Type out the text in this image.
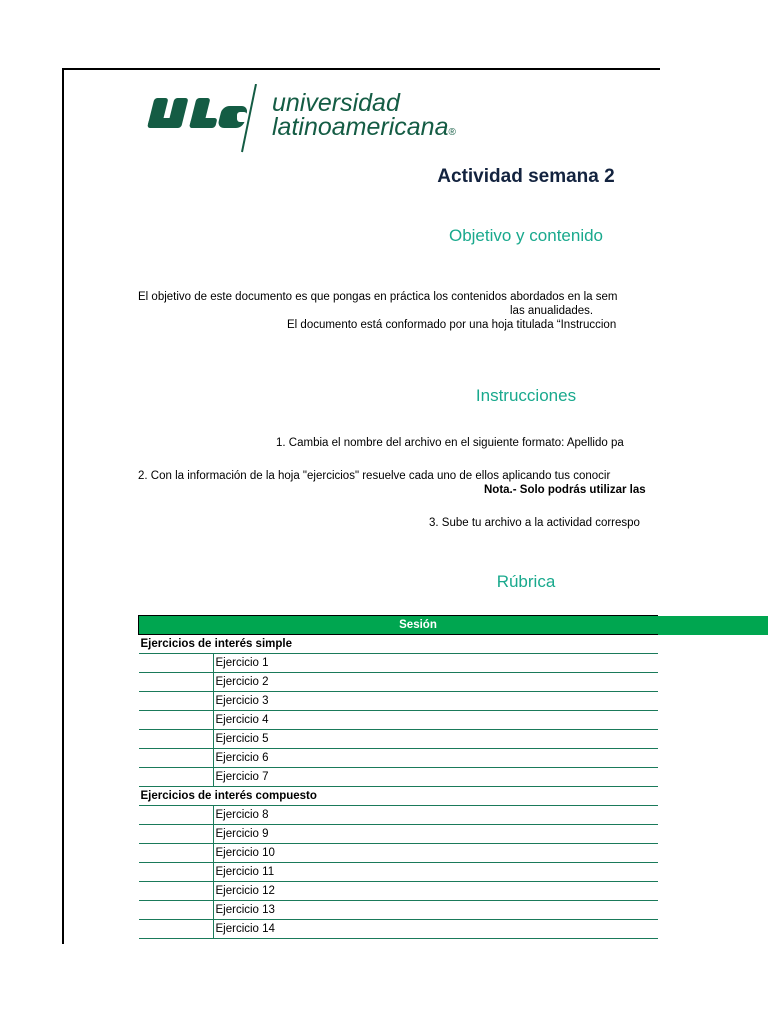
universidad
latinoamericana®
Actividad semana 2
Objetivo y contenido
El objetivo de este documento es que pongas en práctica los contenidos abordados en la sem
las anualidades.
El documento está conformado por una hoja titulada “Instruccion
Instrucciones
1. Cambia el nombre del archivo en el siguiente formato: Apellido pa
2. Con la información de la hoja "ejercicios" resuelve cada uno de ellos aplicando tus conocir
Nota.- Solo podrás utilizar las
3. Sube tu archivo a la actividad correspo
Rúbrica
Sesión	
Ejercicios de interés simple	
	Ejercicio 1
	Ejercicio 2
	Ejercicio 3
	Ejercicio 4
	Ejercicio 5
	Ejercicio 6
	Ejercicio 7
Ejercicios de interés compuesto	
	Ejercicio 8
	Ejercicio 9
	Ejercicio 10
	Ejercicio 11
	Ejercicio 12
	Ejercicio 13
	Ejercicio 14
